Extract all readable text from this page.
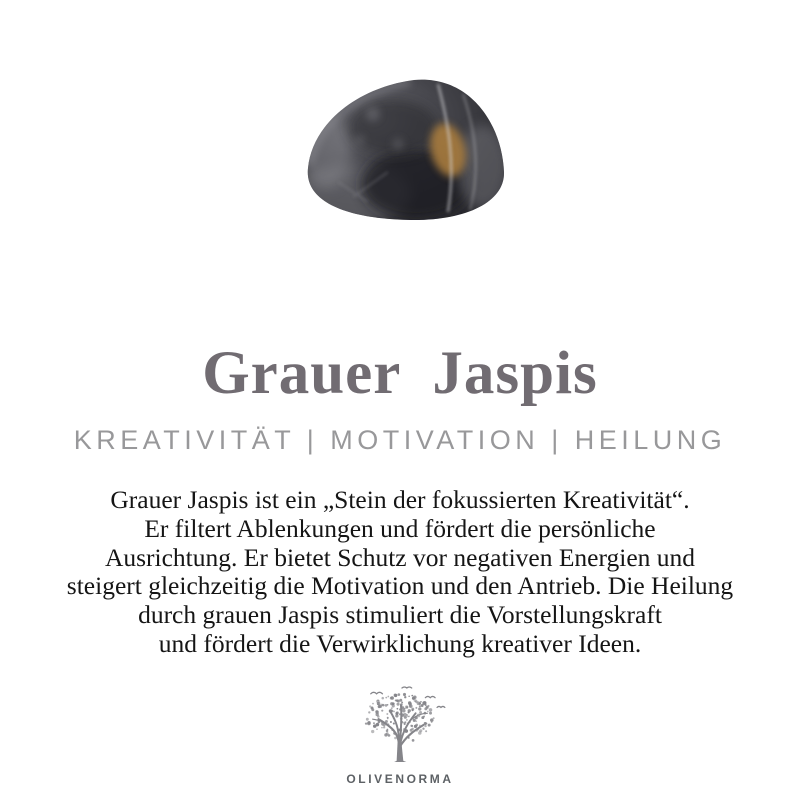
Grauer Jaspis
KREATIVITÄT | MOTIVATION | HEILUNG
Grauer Jaspis ist ein „Stein der fokussierten Kreativität“.
Er filtert Ablenkungen und fördert die persönliche
Ausrichtung. Er bietet Schutz vor negativen Energien und
steigert gleichzeitig die Motivation und den Antrieb. Die Heilung
durch grauen Jaspis stimuliert die Vorstellungskraft
und fördert die Verwirklichung kreativer Ideen.
OLIVENORMA
